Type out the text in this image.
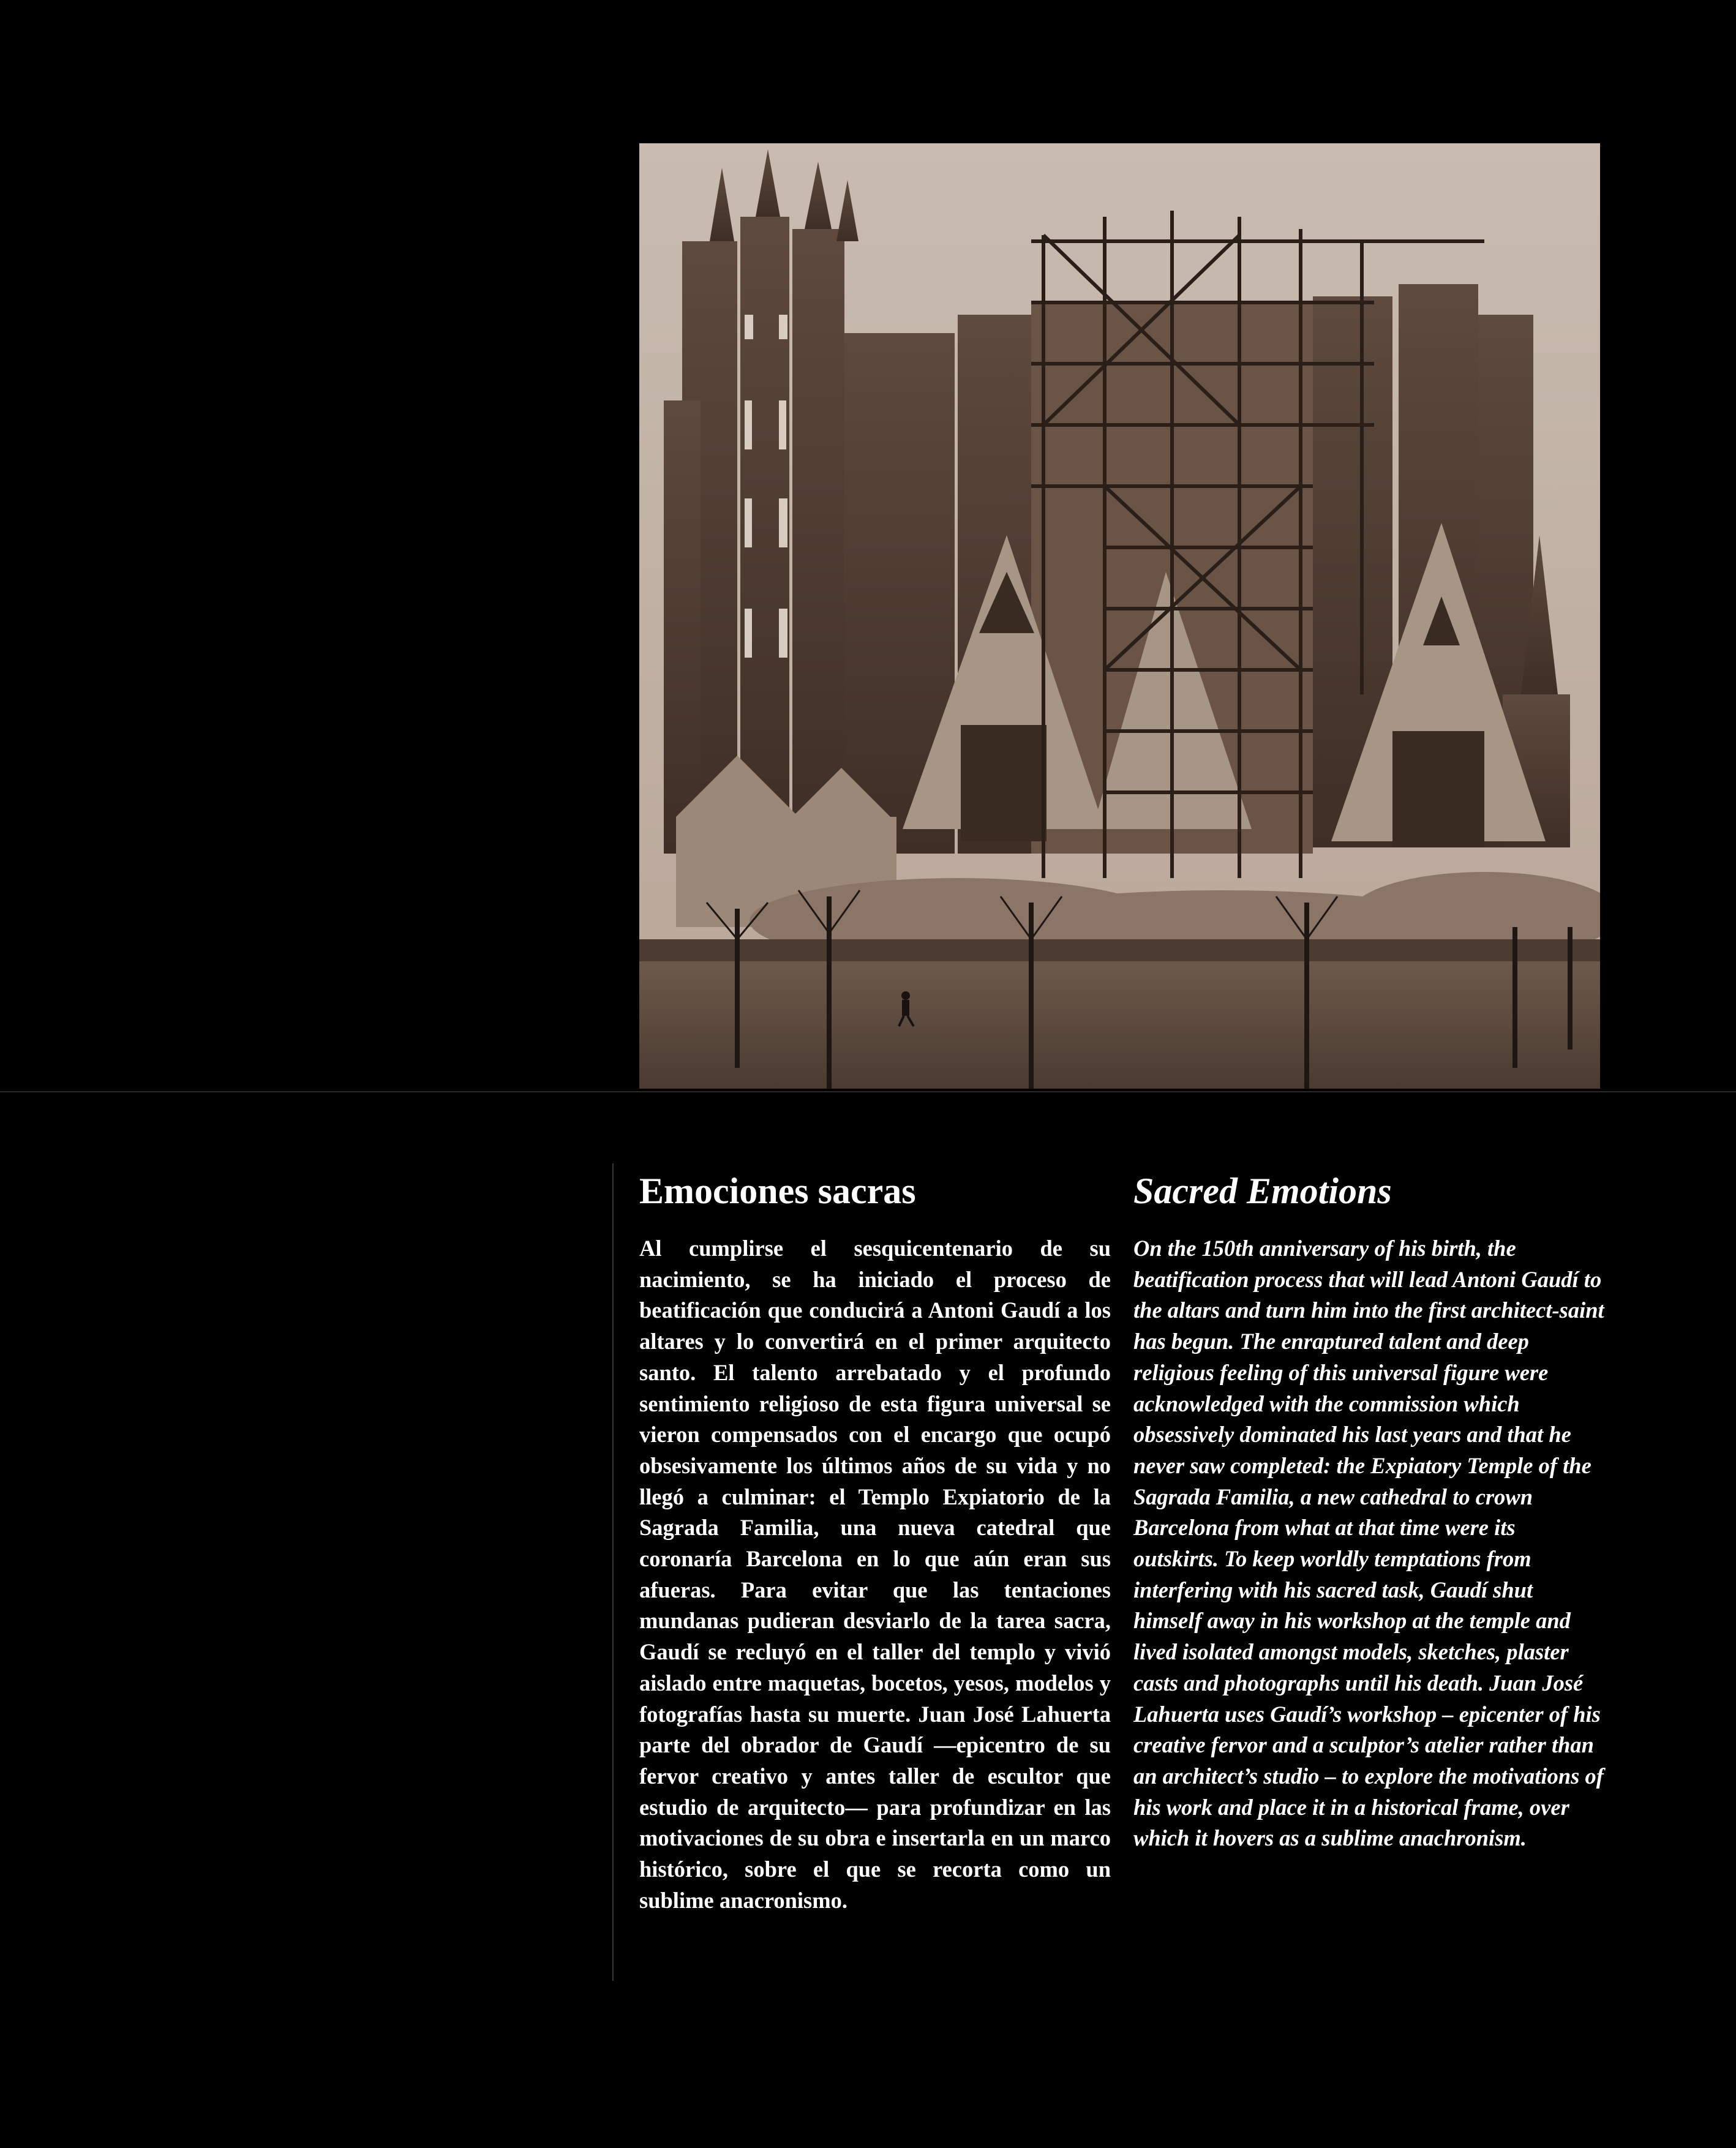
Emociones sacras

Al cumplirse el sesquicentenario de su nacimiento, se ha iniciado el proceso de beatificación que conducirá a Antoni Gaudí a los altares y lo convertirá en el primer arquitecto santo. El talento arrebatado y el profundo sentimiento religioso de esta figura universal se vieron compensados con el encargo que ocupó obsesivamente los últimos años de su vida y no llegó a culminar: el Templo Expiatorio de la Sagrada Familia, una nueva catedral que coronaría Barcelona en lo que aún eran sus afueras. Para evitar que las tentaciones mundanas pudieran desviarlo de la tarea sacra, Gaudí se recluyó en el taller del templo y vivió aislado entre maquetas, bocetos, yesos, modelos y fotografías hasta su muerte. Juan José Lahuerta parte del obrador de Gaudí —epicentro de su fervor creativo y antes taller de escultor que estudio de arquitecto— para profundizar en las motivaciones de su obra e insertarla en un marco histórico, sobre el que se recorta como un sublime anacronismo.

Sacred Emotions

On the 150th anniversary of his birth, the beatification process that will lead Antoni Gaudí to the altars and turn him into the first architect-saint has begun. The enraptured talent and deep religious feeling of this universal figure were acknowledged with the commission which obsessively dominated his last years and that he never saw completed: the Expiatory Temple of the Sagrada Familia, a new cathedral to crown Barcelona from what at that time were its outskirts. To keep worldly temptations from interfering with his sacred task, Gaudí shut himself away in his workshop at the temple and lived isolated amongst models, sketches, plaster casts and photographs until his death. Juan José Lahuerta uses Gaudí’s workshop – epicenter of his creative fervor and a sculptor’s atelier rather than an architect’s studio – to explore the motivations of his work and place it in a historical frame, over which it hovers as a sublime anachronism.
